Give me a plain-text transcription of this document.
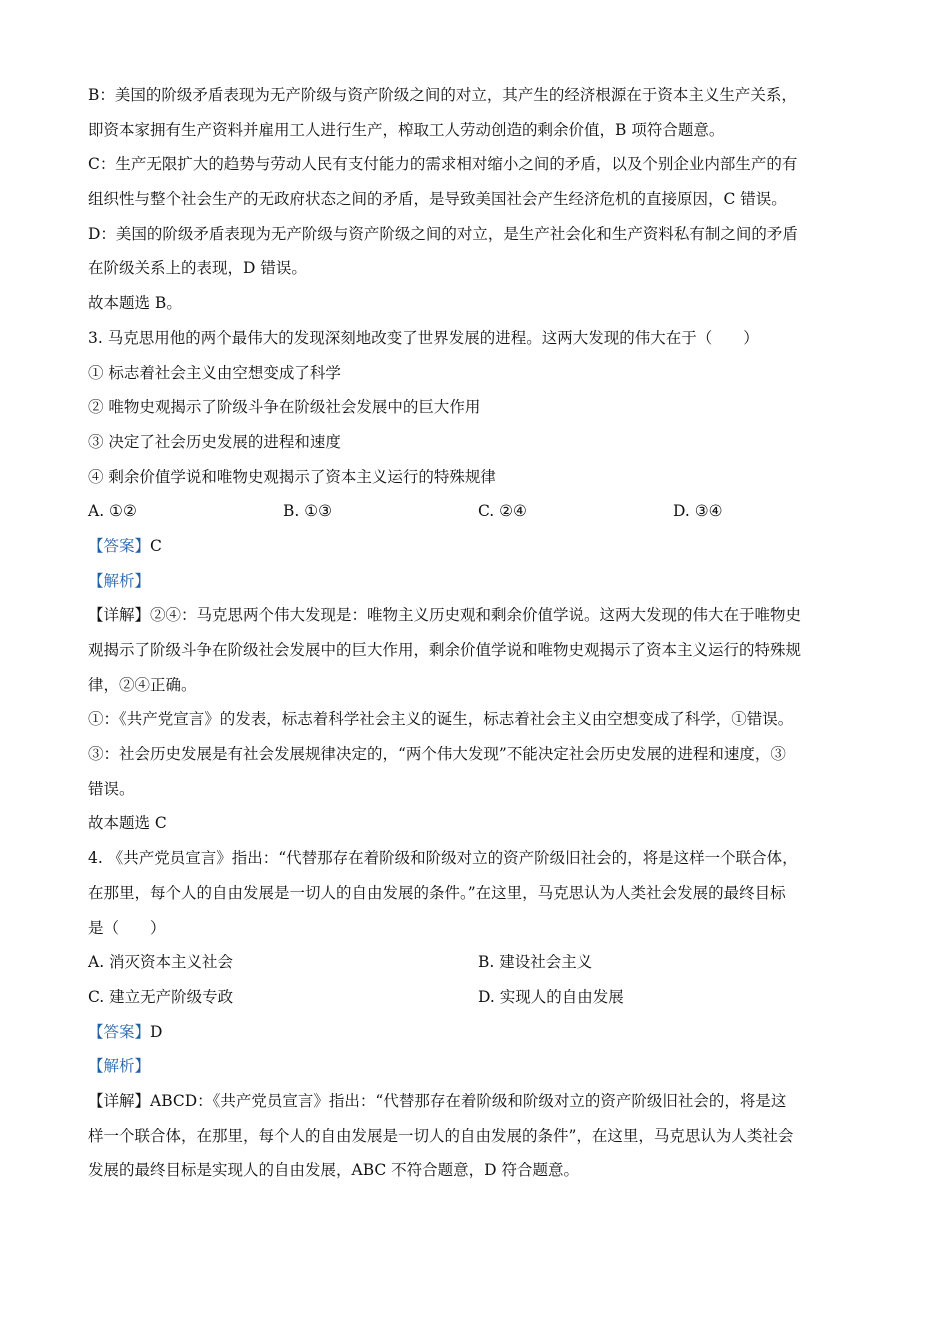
B：美国的阶级矛盾表现为无产阶级与资产阶级之间的对立，其产生的经济根源在于资本主义生产关系，
即资本家拥有生产资料并雇用工人进行生产，榨取工人劳动创造的剩余价值，B 项符合题意。
C：生产无限扩大的趋势与劳动人民有支付能力的需求相对缩小之间的矛盾，以及个别企业内部生产的有
组织性与整个社会生产的无政府状态之间的矛盾，是导致美国社会产生经济危机的直接原因，C 错误。
D：美国的阶级矛盾表现为无产阶级与资产阶级之间的对立，是生产社会化和生产资料私有制之间的矛盾
在阶级关系上的表现，D 错误。
故本题选 B。
3. 马克思用他的两个最伟大的发现深刻地改变了世界发展的进程。这两大发现的伟大在于（　　）
① 标志着社会主义由空想变成了科学
② 唯物史观揭示了阶级斗争在阶级社会发展中的巨大作用
③ 决定了社会历史发展的进程和速度
④ 剩余价值学说和唯物史观揭示了资本主义运行的特殊规律
A. ①②	B. ①③	C. ②④	D. ③④
【答案】C
【解析】
【详解】②④：马克思两个伟大发现是：唯物主义历史观和剩余价值学说。这两大发现的伟大在于唯物史
观揭示了阶级斗争在阶级社会发展中的巨大作用，剩余价值学说和唯物史观揭示了资本主义运行的特殊规
律，②④正确。
①：《共产党宣言》的发表，标志着科学社会主义的诞生，标志着社会主义由空想变成了科学，①错误。
③：社会历史发展是有社会发展规律决定的，“两个伟大发现”不能决定社会历史发展的进程和速度，③
错误。
故本题选 C
4. 《共产党员宣言》指出：“代替那存在着阶级和阶级对立的资产阶级旧社会的，将是这样一个联合体，
在那里，每个人的自由发展是一切人的自由发展的条件。”在这里，马克思认为人类社会发展的最终目标
是（　　）
A. 消灭资本主义社会	B. 建设社会主义
C. 建立无产阶级专政	D. 实现人的自由发展
【答案】D
【解析】
【详解】ABCD：《共产党员宣言》指出：“代替那存在着阶级和阶级对立的资产阶级旧社会的，将是这
样一个联合体，在那里，每个人的自由发展是一切人的自由发展的条件”，在这里，马克思认为人类社会
发展的最终目标是实现人的自由发展，ABC 不符合题意，D 符合题意。
